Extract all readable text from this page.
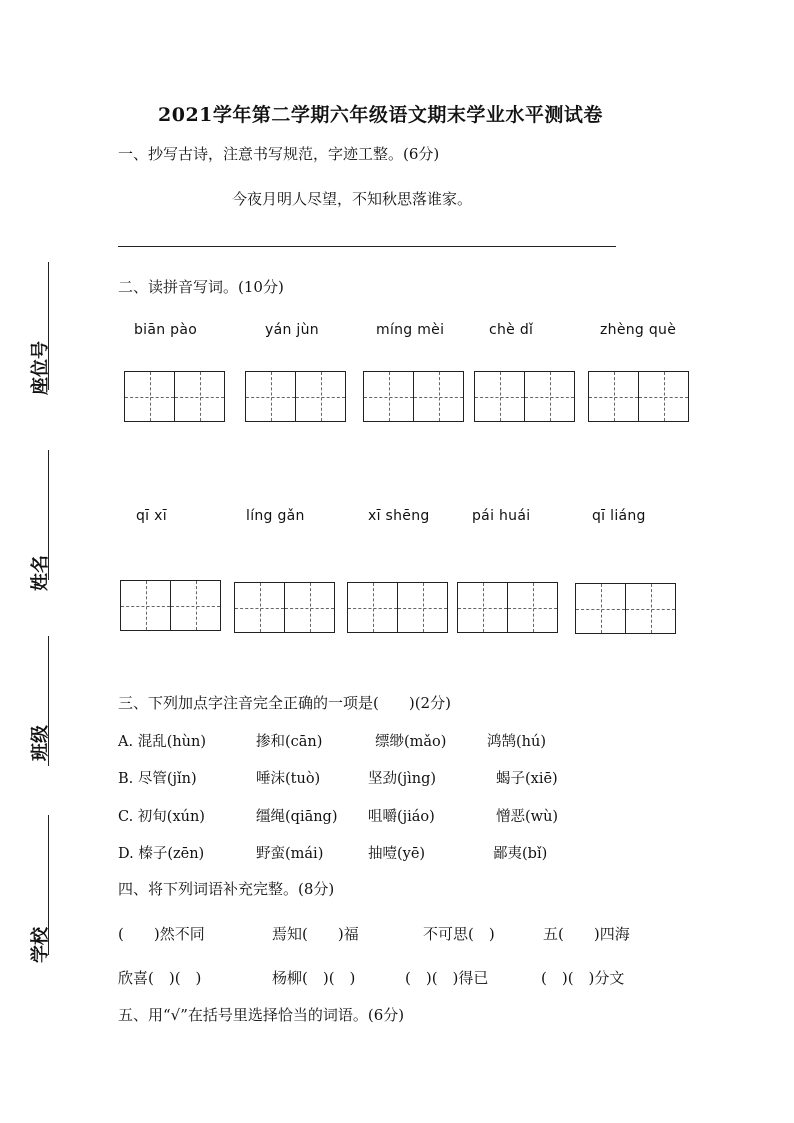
2021学年第二学期六年级语文期末学业水平测试卷
座位号
姓名
班级
学校
一、抄写古诗，注意书写规范，字迹工整。(6分)
今夜月明人尽望，不知秋思落谁家。
二、读拼音写词。(10分)
biān pào	yán jùn	míng mèi	chè dǐ	zhèng què
qī xī	líng gǎn	xī shēng	pái huái	qī liáng
三、下列加点字注音完全正确的一项是(　　)(2分)
A. 混乱(hùn)	掺和(cān)	缥缈(mǎo)	鸿鹄(hú)
B. 尽管(jǐn)	唾沫(tuò)	坚劲(jìng)	蝎子(xiē)
C. 初旬(xún)	缰绳(qiāng) 咀嚼(jiáo)	憎恶(wù)
D. 榛子(zēn)	野蛮(mái)	抽噎(yē)	鄙夷(bǐ)
四、将下列词语补充完整。(8分)
(　　)然不同	焉知(　　)福	不可思(　)	五(　　)四海
欣喜(　)(　)	杨柳(　)(　)	(　)(　)得已	(　)(　)分文
五、用“√”在括号里选择恰当的词语。(6分)
